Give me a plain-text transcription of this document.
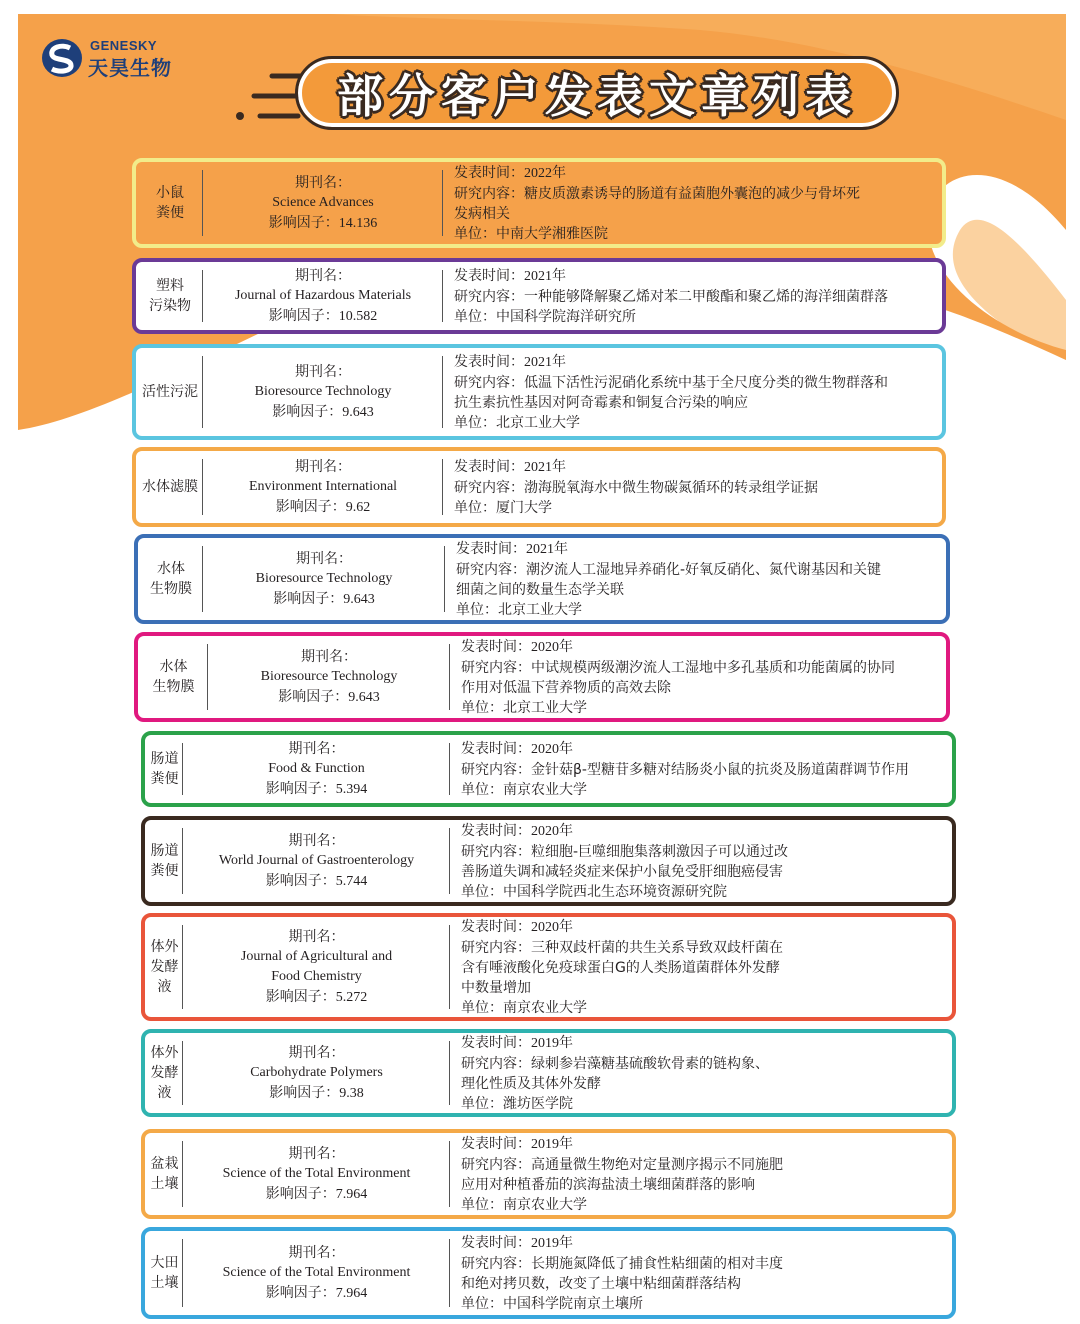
GENESKY
天昊生物
部分客户发表文章列表
小鼠
粪便
期刊名：
Science Advances
影响因子：14.136
发表时间：2022年
研究内容：糖皮质激素诱导的肠道有益菌胞外囊泡的减少与骨坏死
发病相关
单位：中南大学湘雅医院
塑料
污染物
期刊名：
Journal of Hazardous Materials
影响因子：10.582
发表时间：2021年
研究内容：一种能够降解聚乙烯对苯二甲酸酯和聚乙烯的海洋细菌群落
单位：中国科学院海洋研究所
活性污泥
期刊名：
Bioresource Technology
影响因子：9.643
发表时间：2021年
研究内容：低温下活性污泥硝化系统中基于全尺度分类的微生物群落和
抗生素抗性基因对阿奇霉素和铜复合污染的响应
单位：北京工业大学
水体滤膜
期刊名：
Environment International
影响因子：9.62
发表时间：2021年
研究内容：渤海脱氧海水中微生物碳氮循环的转录组学证据
单位：厦门大学
水体
生物膜
期刊名：
Bioresource Technology
影响因子：9.643
发表时间：2021年
研究内容：潮汐流人工湿地异养硝化-好氧反硝化、氮代谢基因和关键
细菌之间的数量生态学关联
单位：北京工业大学
水体
生物膜
期刊名：
Bioresource Technology
影响因子：9.643
发表时间：2020年
研究内容：中试规模两级潮汐流人工湿地中多孔基质和功能菌属的协同
作用对低温下营养物质的高效去除
单位：北京工业大学
肠道粪便
期刊名：
Food & Function
影响因子：5.394
发表时间：2020年
研究内容：金针菇β-型糖苷多糖对结肠炎小鼠的抗炎及肠道菌群调节作用
单位：南京农业大学
肠道粪便
期刊名：
World Journal of Gastroenterology
影响因子：5.744
发表时间：2020年
研究内容：粒细胞-巨噬细胞集落刺激因子可以通过改
善肠道失调和减轻炎症来保护小鼠免受肝细胞癌侵害
单位：中国科学院西北生态环境资源研究院
体外
发酵液
期刊名：
Journal of Agricultural and
Food Chemistry
影响因子：5.272
发表时间：2020年
研究内容：三种双歧杆菌的共生关系导致双歧杆菌在
含有唾液酸化免疫球蛋白G的人类肠道菌群体外发酵
中数量增加
单位：南京农业大学
体外
发酵液
期刊名：
Carbohydrate Polymers
影响因子：9.38
发表时间：2019年
研究内容：绿刺参岩藻糖基硫酸软骨素的链构象、
理化性质及其体外发酵
单位：潍坊医学院
盆栽土壤
期刊名：
Science of the Total Environment
影响因子：7.964
发表时间：2019年
研究内容：高通量微生物绝对定量测序揭示不同施肥
应用对种植番茄的滨海盐渍土壤细菌群落的影响
单位：南京农业大学
大田土壤
期刊名：
Science of the Total Environment
影响因子：7.964
发表时间：2019年
研究内容：长期施氮降低了捕食性粘细菌的相对丰度
和绝对拷贝数，改变了土壤中粘细菌群落结构
单位：中国科学院南京土壤所
